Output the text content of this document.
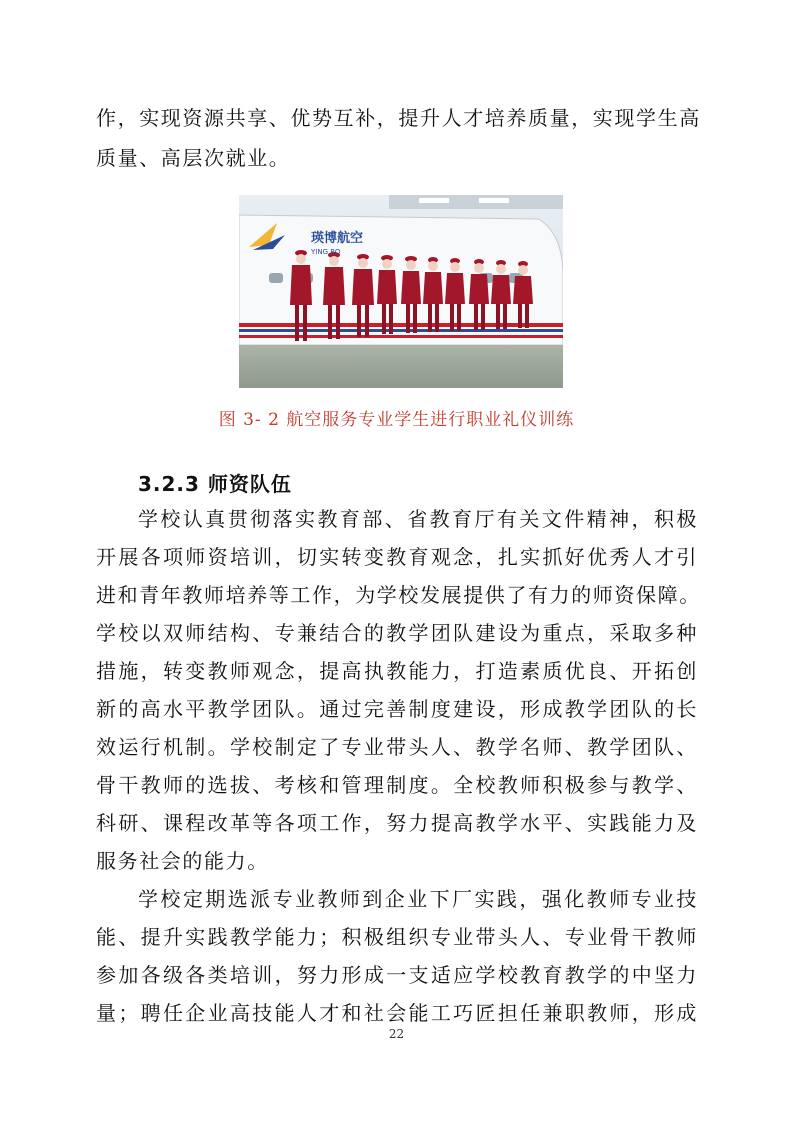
作，实现资源共享、优势互补，提升人才培养质量，实现学生高
质量、高层次就业。
瑛博航空
YING BO
图 3- 2 航空服务专业学生进行职业礼仪训练
3.2.3 师资队伍
学校认真贯彻落实教育部、省教育厅有关文件精神，积极
开展各项师资培训，切实转变教育观念，扎实抓好优秀人才引
进和青年教师培养等工作，为学校发展提供了有力的师资保障。
学校以双师结构、专兼结合的教学团队建设为重点，采取多种
措施，转变教师观念，提高执教能力，打造素质优良、开拓创
新的高水平教学团队。通过完善制度建设，形成教学团队的长
效运行机制。学校制定了专业带头人、教学名师、教学团队、
骨干教师的选拔、考核和管理制度。全校教师积极参与教学、
科研、课程改革等各项工作，努力提高教学水平、实践能力及
服务社会的能力。
学校定期选派专业教师到企业下厂实践，强化教师专业技
能、提升实践教学能力；积极组织专业带头人、专业骨干教师
参加各级各类培训，努力形成一支适应学校教育教学的中坚力
量；聘任企业高技能人才和社会能工巧匠担任兼职教师，形成
22
